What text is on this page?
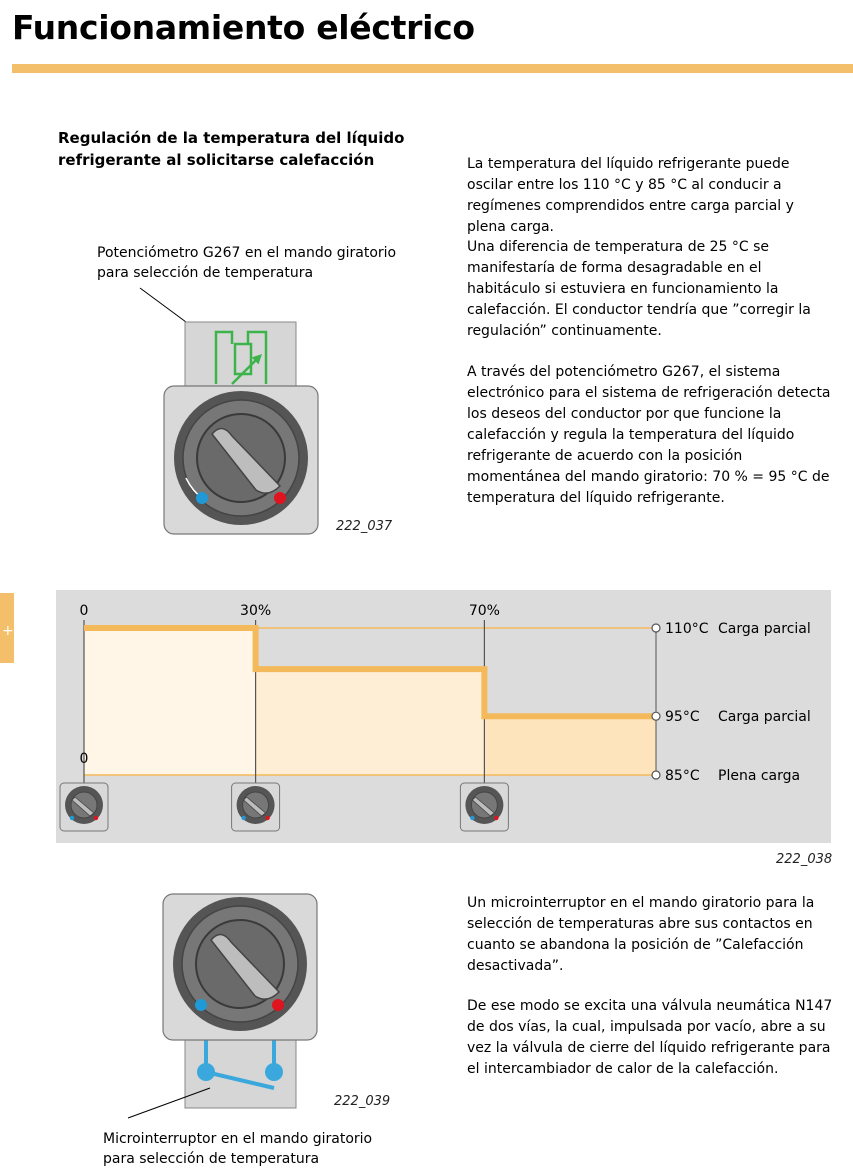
Funcionamiento eléctrico
Regulación de la temperatura del líquido refrigerante al solicitarse calefacción	La temperatura del líquido refrigerante puede oscilar entre los 110 °C y 85 °C al conducir a regímenes comprendidos entre carga parcial y plena carga.
Una diferencia de temperatura de 25 °C se manifestaría de forma desagradable en el habitáculo si estuviera en funcionamiento la calefacción. El conductor tendría que ”corregir la regulación” continuamente.
A través del potenciómetro G267, el sistema electrónico para el sistema de refrigeración detecta los deseos del conductor por que funcione la calefacción y regula la temperatura del líquido refrigerante de acuerdo con la posición momentánea del mando giratorio: 70 % = 95 °C de temperatura del líquido refrigerante.
Potenciómetro G267 en el mando giratorio para selección de temperatura
222_037
+
0	30%	70%
0
110°C Carga parcial
95°C Carga parcial
85°C Plena carga
222_038
222_039
Microinterruptor en el mando giratorio para selección de temperatura
Un microinterruptor en el mando giratorio para la selección de temperaturas abre sus contactos en cuanto se abandona la posición de ”Calefacción desactivada”.
De ese modo se excita una válvula neumática N147 de dos vías, la cual, impulsada por vacío, abre a su vez la válvula de cierre del líquido refrigerante para el intercambiador de calor de la calefacción.
